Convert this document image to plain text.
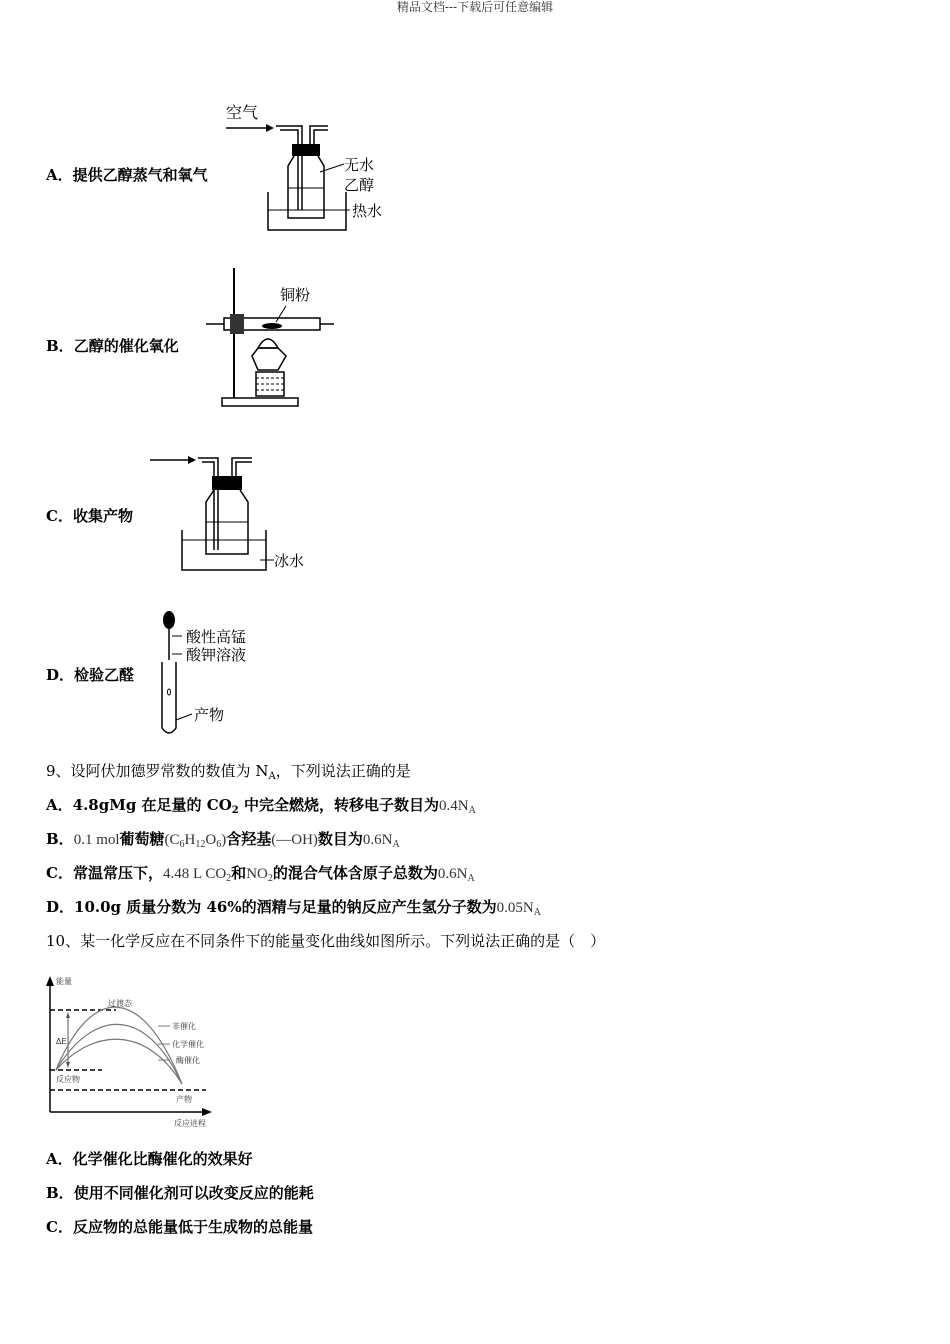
精品文档---下载后可任意编辑
A．提供乙醇蒸气和氧气
空气
无水
乙醇
热水
B．乙醇的催化氧化
铜粉
C．收集产物
冰水
D．检验乙醛
酸性高锰
酸钾溶液
产物
9、设阿伏加德罗常数的数值为 $N_A$，下列说法正确的是
A．4.8gMg 在足量的 $CO_2$ 中完全燃烧，转移电子数目为$0.4N_A$
B．0.1 mol葡萄糖$(C_6H_{12}O_6)$含羟基(—OH)数目为$0.6N_A$
C．常温常压下，4.48 L $CO_2$和$NO_2$的混合气体含原子总数为$0.6N_A$
D．10.0g 质量分数为 46%的酒精与足量的钠反应产生氢分子数为$0.05N_A$
10、某一化学反应在不同条件下的能量变化曲线如图所示。下列说法正确的是（　）
能量
反应进程
ΔE
过渡态
非催化
化学催化
酶催化
反应物
产物
A．化学催化比酶催化的效果好
B．使用不同催化剂可以改变反应的能耗
C．反应物的总能量低于生成物的总能量
